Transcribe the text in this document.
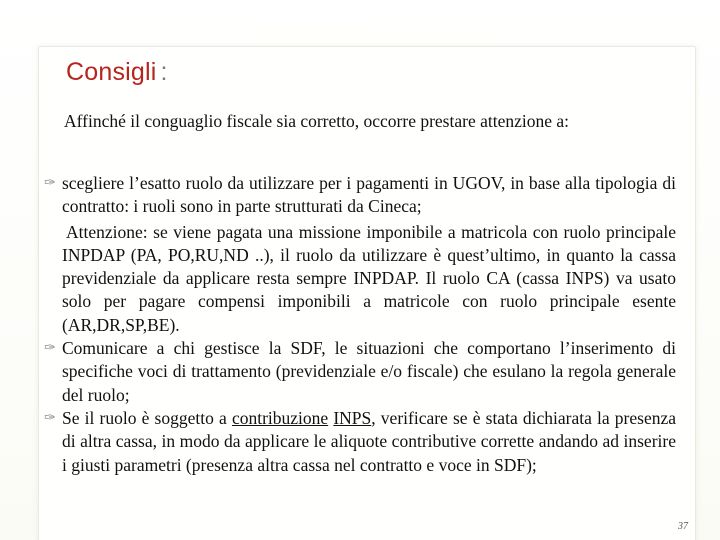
Consigli :
Affinché il conguaglio fiscale sia corretto, occorre prestare attenzione a:
✑ scegliere l’esatto ruolo da utilizzare per i pagamenti in UGOV, in base alla tipologia di contratto: i ruoli sono in parte strutturati da Cineca;
Attenzione: se viene pagata una missione imponibile a matricola con ruolo principale INPDAP (PA, PO,RU,ND ..), il ruolo da utilizzare è quest’ultimo, in quanto la cassa previdenziale da applicare resta sempre INPDAP. Il ruolo CA (cassa INPS) va usato solo per pagare compensi imponibili a matricole con ruolo principale esente (AR,DR,SP,BE).
✑ Comunicare a chi gestisce la SDF, le situazioni che comportano l’inserimento di specifiche voci di trattamento (previdenziale e/o fiscale) che esulano la regola generale del ruolo;
✑ Se il ruolo è soggetto a contribuzione INPS, verificare se è stata dichiarata la presenza di altra cassa, in modo da applicare le aliquote contributive corrette andando ad inserire i giusti parametri (presenza altra cassa nel contratto e voce in SDF);
37
